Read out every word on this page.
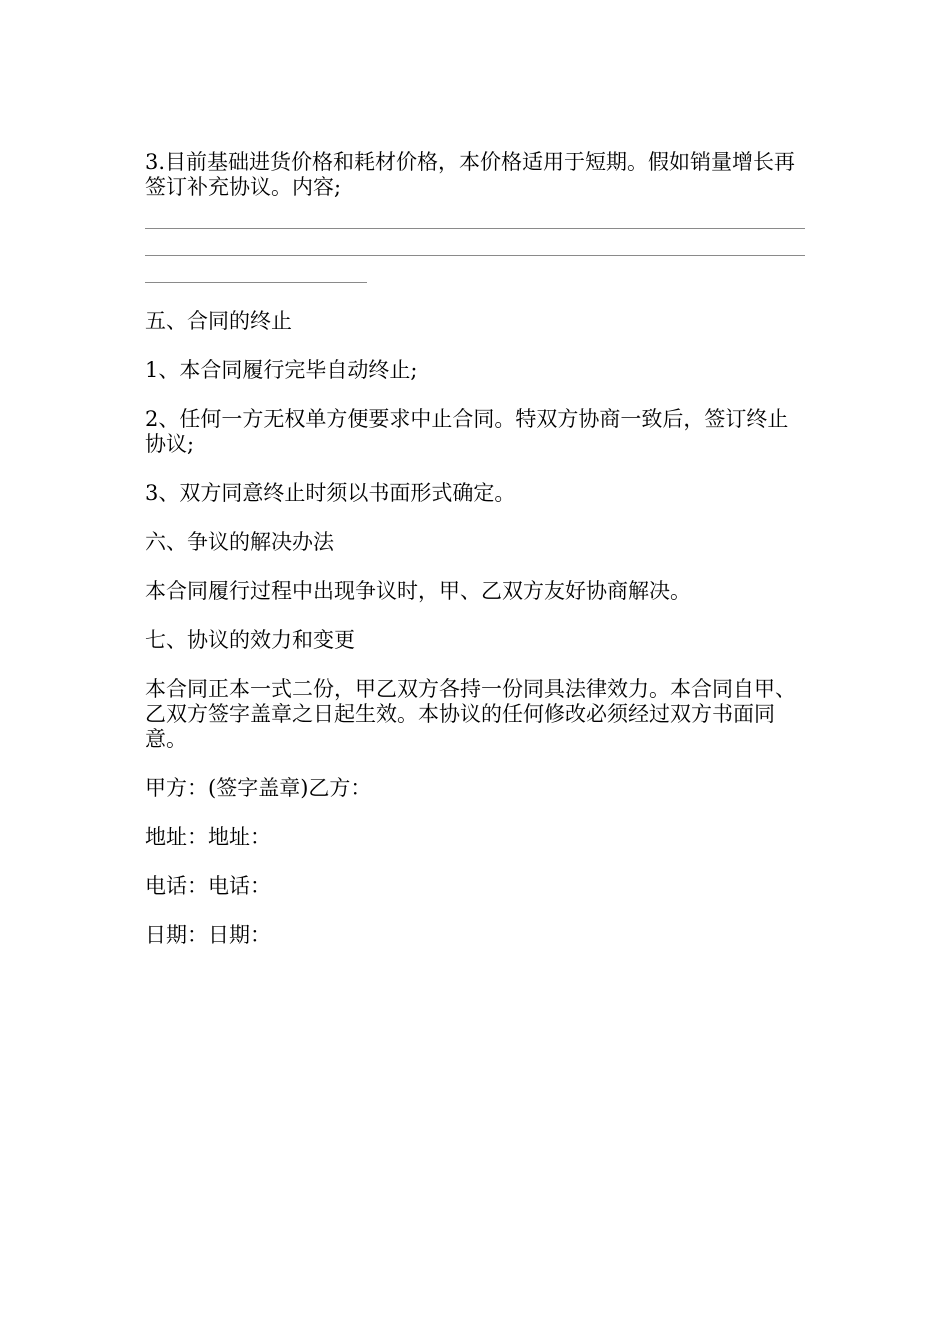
3.目前基础进货价格和耗材价格，本价格适用于短期。假如销量增长再签订补充协议。内容;

五、合同的终止

1、本合同履行完毕自动终止;

2、任何一方无权单方便要求中止合同。特双方协商一致后，签订终止协议;

3、双方同意终止时须以书面形式确定。

六、争议的解决办法

本合同履行过程中出现争议时，甲、乙双方友好协商解决。

七、协议的效力和变更

本合同正本一式二份，甲乙双方各持一份同具法律效力。本合同自甲、乙双方签字盖章之日起生效。本协议的任何修改必须经过双方书面同意。

甲方：(签字盖章)乙方：

地址：地址：

电话：电话：

日期：日期：
